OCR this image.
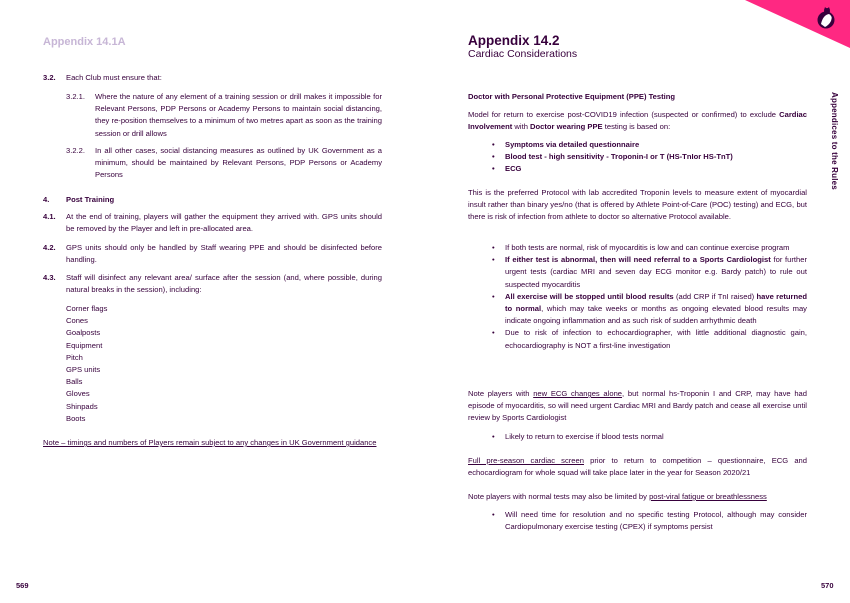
Appendix 14.1A
3.2.	Each Club must ensure that:
3.2.1.	Where the nature of any element of a training session or drill makes it impossible for Relevant Persons, PDP Persons or Academy Persons to maintain social distancing, they re-position themselves to a minimum of two metres apart as soon as the training session or drill allows
3.2.2.	In all other cases, social distancing measures as outlined by UK Government as a minimum, should be maintained by Relevant Persons, PDP Persons or Academy Persons
4.	Post Training
4.1.	At the end of training, players will gather the equipment they arrived with. GPS units should be removed by the Player and left in pre-allocated area.
4.2.	GPS units should only be handled by Staff wearing PPE and should be disinfected before handling.
4.3.	Staff will disinfect any relevant area/ surface after the session (and, where possible, during natural breaks in the session), including:
Corner flags
Cones
Goalposts
Equipment
Pitch
GPS units
Balls
Gloves
Shinpads
Boots
Note – timings and numbers of Players remain subject to any changes in UK Government guidance
569
Appendix 14.2
Cardiac Considerations
Doctor with Personal Protective Equipment (PPE) Testing
Model for return to exercise post-COVID19 infection (suspected or confirmed) to exclude Cardiac Involvement with Doctor wearing PPE testing is based on:
• Symptoms via detailed questionnaire
• Blood test - high sensitivity - Troponin-I or T (HS-TnIor HS-TnT)
• ECG
This is the preferred Protocol with lab accredited Troponin levels to measure extent of myocardial insult rather than binary yes/no (that is offered by Athlete Point-of-Care (POC) testing) and ECG, but there is risk of infection from athlete to doctor so alternative Protocol available.
• If both tests are normal, risk of myocarditis is low and can continue exercise program
• If either test is abnormal, then will need referral to a Sports Cardiologist for further urgent tests (cardiac MRI and seven day ECG monitor e.g. Bardy patch) to rule out suspected myocarditis
• All exercise will be stopped until blood results (add CRP if TnI raised) have returned to normal, which may take weeks or months as ongoing elevated blood results may indicate ongoing inflammation and as such risk of sudden arrhythmic death
• Due to risk of infection to echocardiographer, with little additional diagnostic gain, echocardiography is NOT a first-line investigation
Note players with new ECG changes alone, but normal hs-Troponin I and CRP, may have had episode of myocarditis, so will need urgent Cardiac MRI and Bardy patch and cease all exercise until review by Sports Cardiologist
• Likely to return to exercise if blood tests normal
Full pre-season cardiac screen prior to return to competition – questionnaire, ECG and echocardiogram for whole squad will take place later in the year for Season 2020/21
Note players with normal tests may also be limited by post-viral fatigue or breathlessness
• Will need time for resolution and no specific testing Protocol, although may consider Cardiopulmonary exercise testing (CPEX) if symptoms persist
570
Appendices to the Rules
